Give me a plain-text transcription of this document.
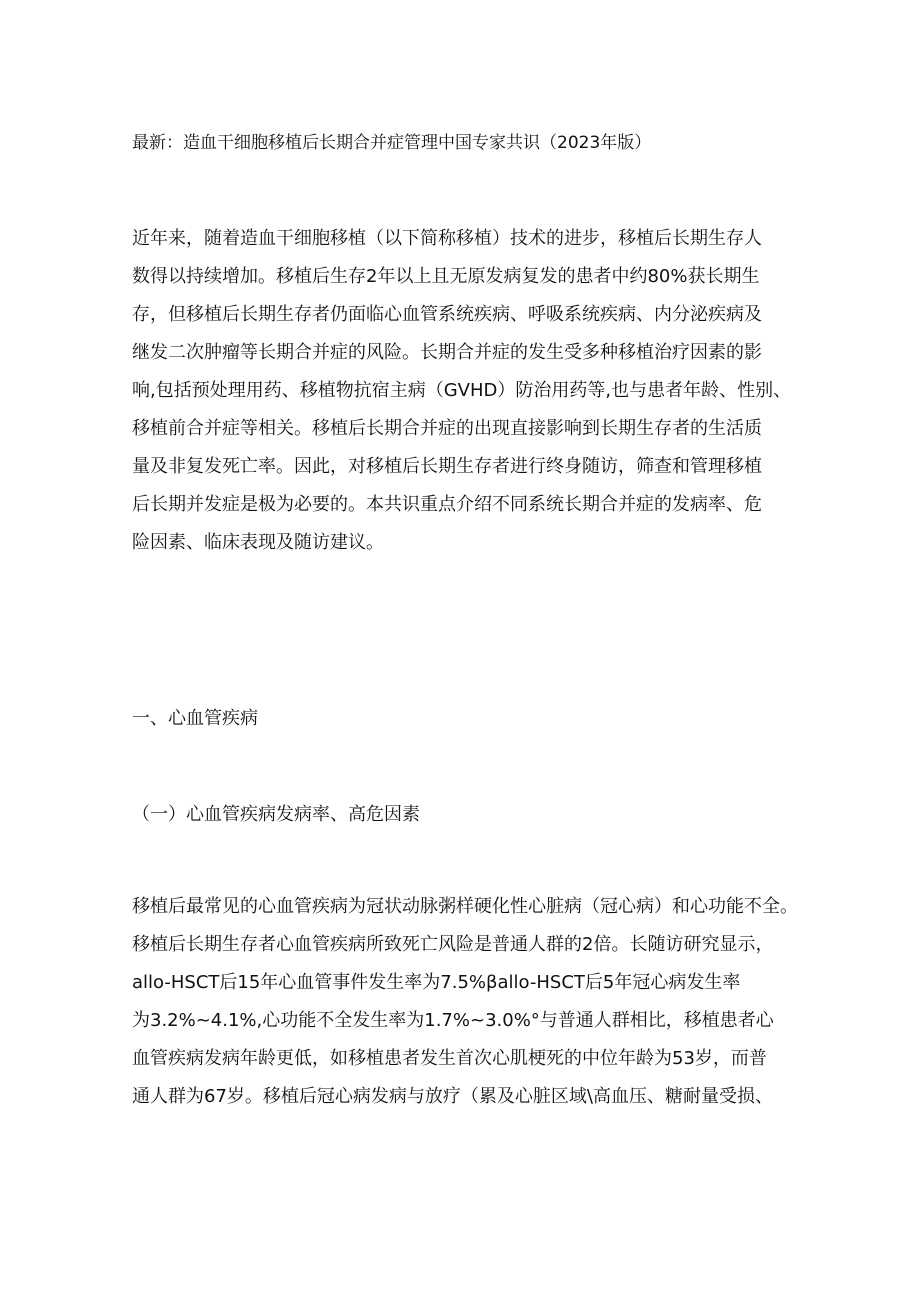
最新：造血干细胞移植后长期合并症管理中国专家共识（2023年版）
近年来，随着造血干细胞移植（以下简称移植）技术的进步，移植后长期生存人
数得以持续增加。移植后生存2年以上且无原发病复发的患者中约80%获长期生
存，但移植后长期生存者仍面临心血管系统疾病、呼吸系统疾病、内分泌疾病及
继发二次肿瘤等长期合并症的风险。长期合并症的发生受多种移植治疗因素的影
响,包括预处理用药、移植物抗宿主病（GVHD）防治用药等,也与患者年龄、性别、
移植前合并症等相关。移植后长期合并症的出现直接影响到长期生存者的生活质
量及非复发死亡率。因此，对移植后长期生存者进行终身随访，筛查和管理移植
后长期并发症是极为必要的。本共识重点介绍不同系统长期合并症的发病率、危
险因素、临床表现及随访建议。
一、心血管疾病
（一）心血管疾病发病率、高危因素
移植后最常见的心血管疾病为冠状动脉粥样硬化性心脏病（冠心病）和心功能不全。
移植后长期生存者心血管疾病所致死亡风险是普通人群的2倍。长随访研究显示，
allo-HSCT后15年心血管事件发生率为7.5%βallo-HSCT后5年冠心病发生率
为3.2%~4.1%,心功能不全发生率为1.7%~3.0%°与普通人群相比，移植患者心
血管疾病发病年龄更低，如移植患者发生首次心肌梗死的中位年龄为53岁，而普
通人群为67岁。移植后冠心病发病与放疗（累及心脏区域\高血压、糖耐量受损、
